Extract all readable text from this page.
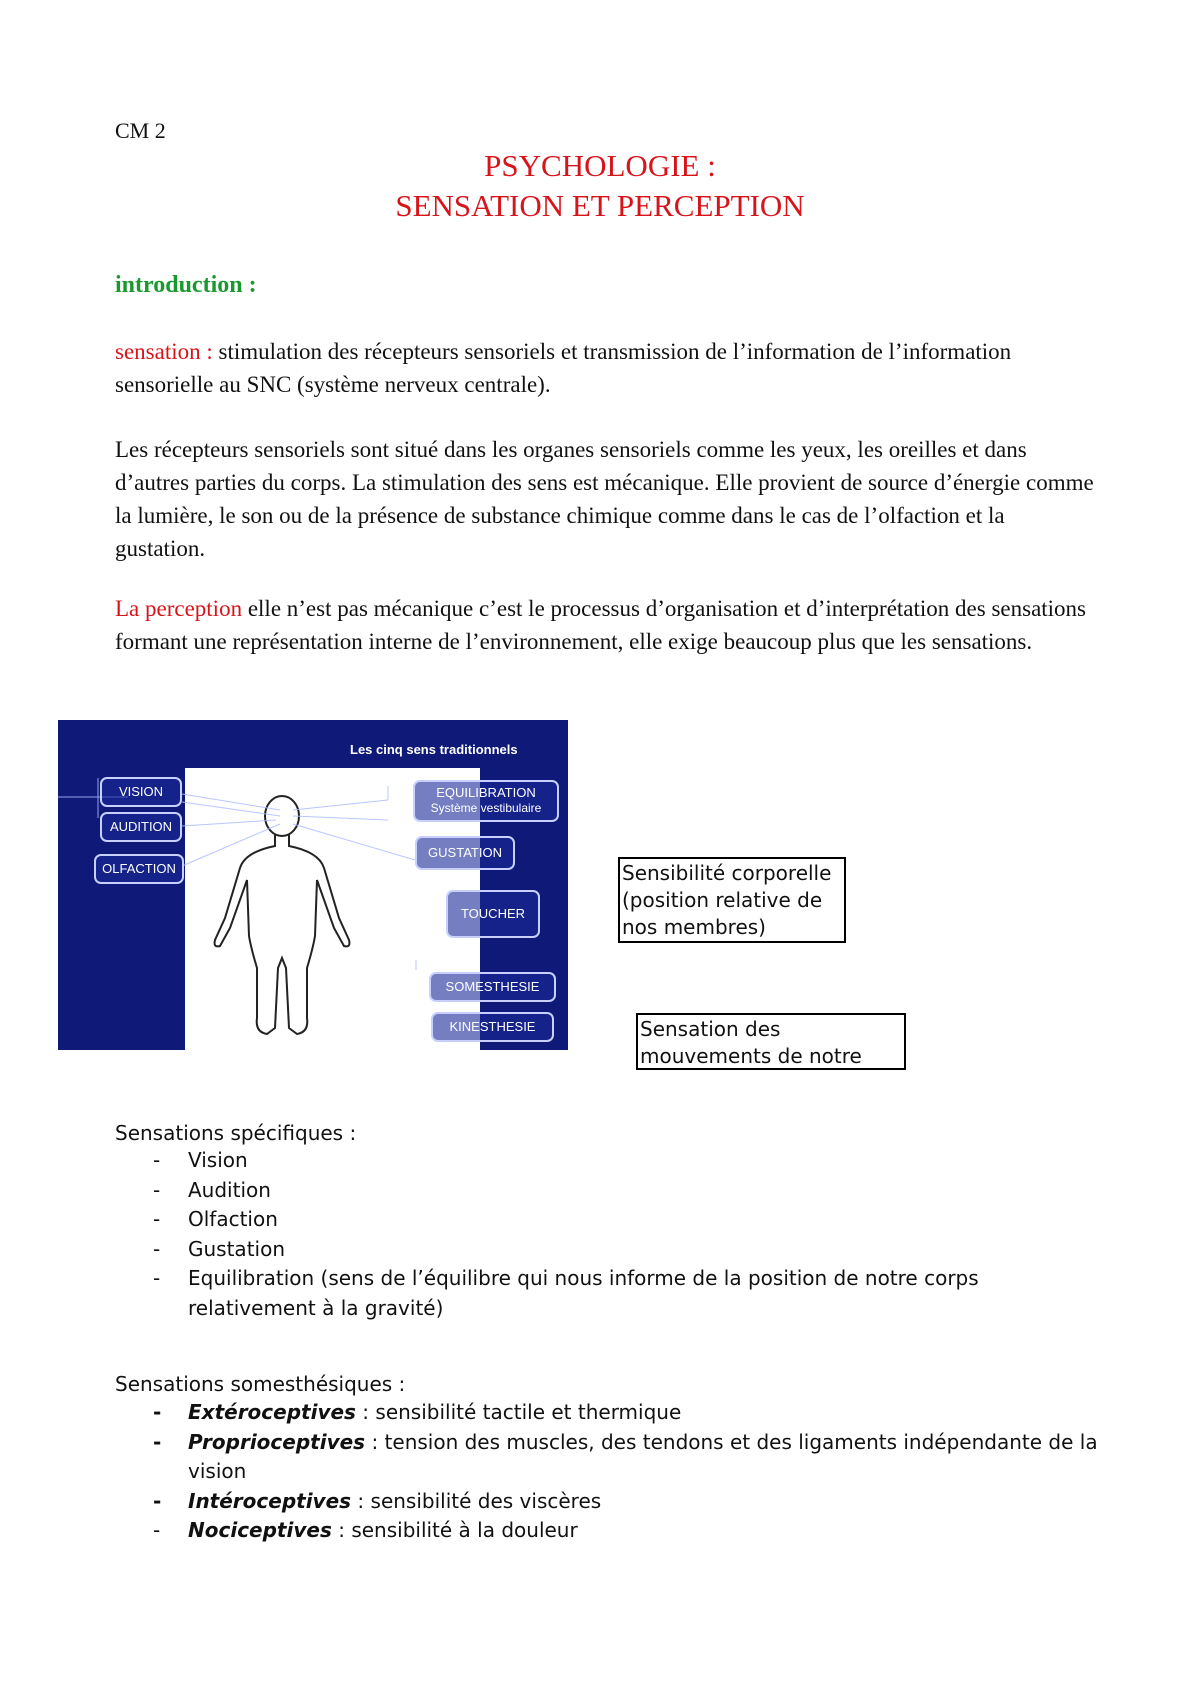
CM 2
PSYCHOLOGIE :
SENSATION ET PERCEPTION
introduction :
sensation : stimulation des récepteurs sensoriels et transmission de l’information de l’information sensorielle au SNC (système nerveux centrale).
Les récepteurs sensoriels sont situé dans les organes sensoriels comme les yeux, les oreilles et dans d’autres parties du corps. La stimulation des sens est mécanique. Elle provient de source d’énergie comme la lumière, le son ou de la présence de substance chimique comme dans le cas de l’olfaction et la gustation.
La perception elle n’est pas mécanique c’est le processus d’organisation et d’interprétation des sensations formant une représentation interne de l’environnement, elle exige beaucoup plus que les sensations.
Les cinq sens traditionnels
VISION
AUDITION
OLFACTION
EQUILIBRATION
Système vestibulaire
GUSTATION
TOUCHER
SOMESTHESIE
KINESTHESIE
Sensibilité corporelle (position relative de nos membres)
Sensation des mouvements de notre
Sensations spécifiques :
- Vision
- Audition
- Olfaction
- Gustation
- Equilibration (sens de l’équilibre qui nous informe de la position de notre corps relativement à la gravité)
Sensations somesthésiques :
- Extéroceptives : sensibilité tactile et thermique
- Proprioceptives : tension des muscles, des tendons et des ligaments indépendante de la vision
- Intéroceptives : sensibilité des viscères
- Nociceptives : sensibilité à la douleur
